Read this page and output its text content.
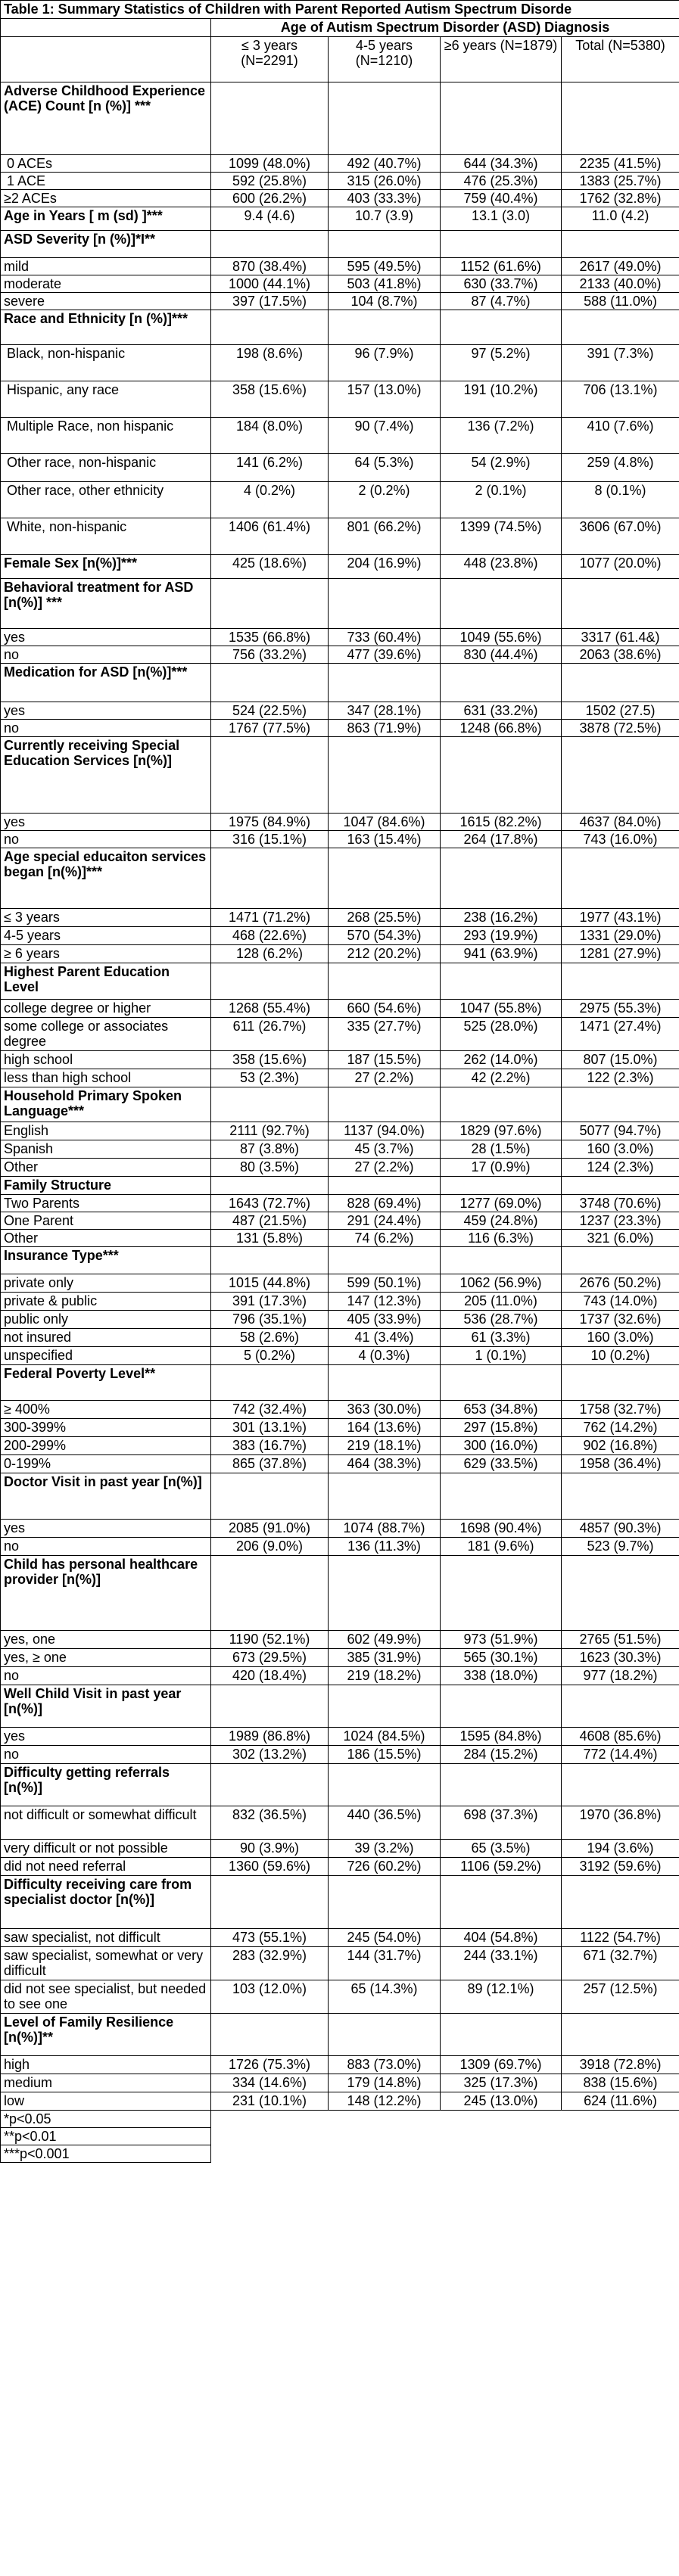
Table 1: Summary Statistics of Children with Parent Reported Autism Spectrum Disorde				
	Age of Autism Spectrum Disorder (ASD) Diagnosis			
	≤ 3 years (N=2291)	4-5 years (N=1210)	≥6 years (N=1879)	Total (N=5380)
Adverse Childhood Experience (ACE) Count [n (%)] ***				
0 ACEs	1099 (48.0%)	492 (40.7%)	644 (34.3%)	2235 (41.5%)
1 ACE	592 (25.8%)	315 (26.0%)	476 (25.3%)	1383 (25.7%)
≥2 ACEs	600 (26.2%)	403 (33.3%)	759 (40.4%)	1762 (32.8%)
Age in Years [ m (sd) ]***	9.4 (4.6)	10.7 (3.9)	13.1 (3.0)	11.0 (4.2)
ASD Severity [n (%)]*I**				
mild	870 (38.4%)	595 (49.5%)	1152 (61.6%)	2617 (49.0%)
moderate	1000 (44.1%)	503 (41.8%)	630 (33.7%)	2133 (40.0%)
severe	397 (17.5%)	104 (8.7%)	87 (4.7%)	588 (11.0%)
Race and Ethnicity [n (%)]***				
Black, non-hispanic	198 (8.6%)	96 (7.9%)	97 (5.2%)	391 (7.3%)
Hispanic, any race	358 (15.6%)	157 (13.0%)	191 (10.2%)	706 (13.1%)
Multiple Race, non hispanic	184 (8.0%)	90 (7.4%)	136 (7.2%)	410 (7.6%)
Other race, non-hispanic	141 (6.2%)	64 (5.3%)	54 (2.9%)	259 (4.8%)
Other race, other ethnicity	4 (0.2%)	2 (0.2%)	2 (0.1%)	8 (0.1%)
White, non-hispanic	1406 (61.4%)	801 (66.2%)	1399 (74.5%)	3606 (67.0%)
Female Sex [n(%)]***	425 (18.6%)	204 (16.9%)	448 (23.8%)	1077 (20.0%)
Behavioral treatment for ASD [n(%)] ***				
yes	1535 (66.8%)	733 (60.4%)	1049 (55.6%)	3317 (61.4&)
no	756 (33.2%)	477 (39.6%)	830 (44.4%)	2063 (38.6%)
Medication for ASD [n(%)]***				
yes	524 (22.5%)	347 (28.1%)	631 (33.2%)	1502 (27.5)
no	1767 (77.5%)	863 (71.9%)	1248 (66.8%)	3878 (72.5%)
Currently receiving Special Education Services [n(%)]				
yes	1975 (84.9%)	1047 (84.6%)	1615 (82.2%)	4637 (84.0%)
no	316 (15.1%)	163 (15.4%)	264 (17.8%)	743 (16.0%)
Age special educaiton services began [n(%)]***				
≤ 3 years	1471 (71.2%)	268 (25.5%)	238 (16.2%)	1977 (43.1%)
4-5 years	468 (22.6%)	570 (54.3%)	293 (19.9%)	1331 (29.0%)
≥ 6 years	128 (6.2%)	212 (20.2%)	941 (63.9%)	1281 (27.9%)
Highest Parent Education Level				
college degree or higher	1268 (55.4%)	660 (54.6%)	1047 (55.8%)	2975 (55.3%)
some college or associates degree	611 (26.7%)	335 (27.7%)	525 (28.0%)	1471 (27.4%)
high school	358 (15.6%)	187 (15.5%)	262 (14.0%)	807 (15.0%)
less than high school	53 (2.3%)	27 (2.2%)	42 (2.2%)	122 (2.3%)
Household Primary Spoken Language***				
English	2111 (92.7%)	1137 (94.0%)	1829 (97.6%)	5077 (94.7%)
Spanish	87 (3.8%)	45 (3.7%)	28 (1.5%)	160 (3.0%)
Other	80 (3.5%)	27 (2.2%)	17 (0.9%)	124 (2.3%)
Family Structure				
Two Parents	1643 (72.7%)	828 (69.4%)	1277 (69.0%)	3748 (70.6%)
One Parent	487 (21.5%)	291 (24.4%)	459 (24.8%)	1237 (23.3%)
Other	131 (5.8%)	74 (6.2%)	116 (6.3%)	321 (6.0%)
Insurance Type***				
private only	1015 (44.8%)	599 (50.1%)	1062 (56.9%)	2676 (50.2%)
private & public	391 (17.3%)	147 (12.3%)	205 (11.0%)	743 (14.0%)
public only	796 (35.1%)	405 (33.9%)	536 (28.7%)	1737 (32.6%)
not insured	58 (2.6%)	41 (3.4%)	61 (3.3%)	160 (3.0%)
unspecified	5 (0.2%)	4 (0.3%)	1 (0.1%)	10 (0.2%)
Federal Poverty Level**				
≥ 400%	742 (32.4%)	363 (30.0%)	653 (34.8%)	1758 (32.7%)
300-399%	301 (13.1%)	164 (13.6%)	297 (15.8%)	762 (14.2%)
200-299%	383 (16.7%)	219 (18.1%)	300 (16.0%)	902 (16.8%)
0-199%	865 (37.8%)	464 (38.3%)	629 (33.5%)	1958 (36.4%)
Doctor Visit in past year [n(%)]				
yes	2085 (91.0%)	1074 (88.7%)	1698 (90.4%)	4857 (90.3%)
no	206 (9.0%)	136 (11.3%)	181 (9.6%)	523 (9.7%)
Child has personal healthcare provider [n(%)]				
yes, one	1190 (52.1%)	602 (49.9%)	973 (51.9%)	2765 (51.5%)
yes, ≥ one	673 (29.5%)	385 (31.9%)	565 (30.1%)	1623 (30.3%)
no	420 (18.4%)	219 (18.2%)	338 (18.0%)	977 (18.2%)
Well Child Visit in past year [n(%)]				
yes	1989 (86.8%)	1024 (84.5%)	1595 (84.8%)	4608 (85.6%)
no	302 (13.2%)	186 (15.5%)	284 (15.2%)	772 (14.4%)
Difficulty getting referrals [n(%)]				
not difficult or somewhat difficult	832 (36.5%)	440 (36.5%)	698 (37.3%)	1970 (36.8%)
very difficult or not possible	90 (3.9%)	39 (3.2%)	65 (3.5%)	194 (3.6%)
did not need referral	1360 (59.6%)	726 (60.2%)	1106 (59.2%)	3192 (59.6%)
Difficulty receiving care from specialist doctor [n(%)]				
saw specialist, not difficult	473 (55.1%)	245 (54.0%)	404 (54.8%)	1122 (54.7%)
saw specialist, somewhat or very difficult	283 (32.9%)	144 (31.7%)	244 (33.1%)	671 (32.7%)
did not see specialist, but needed to see one	103 (12.0%)	65 (14.3%)	89 (12.1%)	257 (12.5%)
Level of Family Resilience [n(%)]**				
high	1726 (75.3%)	883 (73.0%)	1309 (69.7%)	3918 (72.8%)
medium	334 (14.6%)	179 (14.8%)	325 (17.3%)	838 (15.6%)
low	231 (10.1%)	148 (12.2%)	245 (13.0%)	624 (11.6%)
*p<0.05				
**p<0.01				
***p<0.001				
